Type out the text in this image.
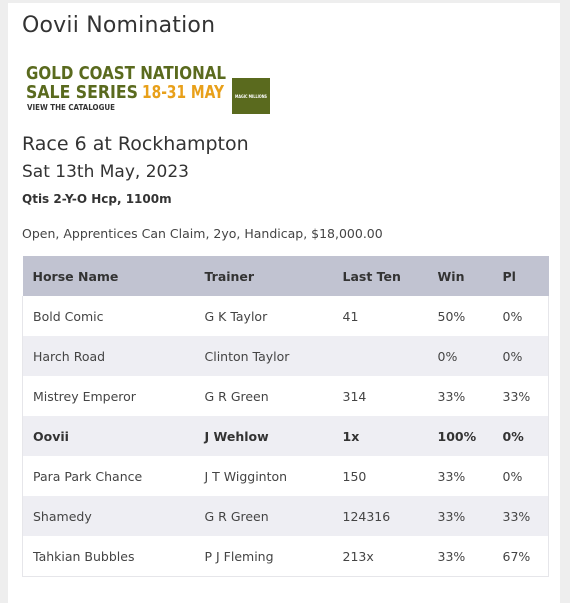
Oovii Nomination
GOLD COAST NATIONAL
SALE SERIES 18-31 MAY
VIEW THE CATALOGUE
MAGIC MILLIONS
Race 6 at Rockhampton
Sat 13th May, 2023
Qtis 2-Y-O Hcp, 1100m
Open, Apprentices Can Claim, 2yo, Handicap, $18,000.00
Horse Name	Trainer	Last Ten	Win	Pl
Bold Comic	G K Taylor	41	50%	0%
Harch Road	Clinton Taylor		0%	0%
Mistrey Emperor	G R Green	314	33%	33%
Oovii	J Wehlow	1x	100%	0%
Para Park Chance	J T Wigginton	150	33%	0%
Shamedy	G R Green	124316	33%	33%
Tahkian Bubbles	P J Fleming	213x	33%	67%
